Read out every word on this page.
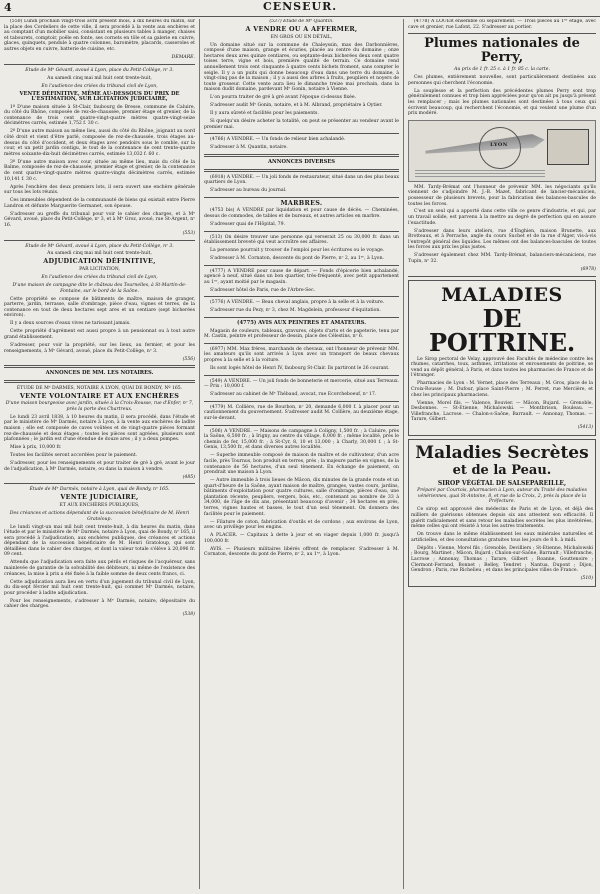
4	CENSEUR.

(550) Lundi prochain vingt-trois avril présent mois, à dix heures du matin, sur la place des Cordeliers de cette ville, il sera procédé à la vente aux enchères et au comptant d'un mobilier saisi, consistant en plusieurs tables à manger, chaises et tabourets, comptoir, poêle en fonte, ses cornets en tôle et sa galerie en cuivre, glaces, quinquets, pendule à quatre colonnes, baromètre, placards, casseroles et autres objets en cuivre, batterie de cuisine, etc.

DEMARE.

Etude de Mᵉ Gévard, avoué à Lyon, place du Petit-Collège, nᵒ 3.

Au samedi cinq mai mil huit cent trente-huit,

En l'audience des criées du tribunal civil de Lyon,

VENTE DÉFINITIVE, MÊME AU-DESSOUS DU PRIX DE L'ESTIMATION, SUR LICITATION JUDICIAIRE,

1º D'une maison située à St-Clair, faubourg de Bresse, commune de Caluire, du côté du Rhône, composée de rez-de-chaussée, premier étage et grenier, de la contenance de trois cent quatre-vingt-quatre mètres quatre-vingt-seize décimètres carrés, estimée 1,752 f. 30 c.

2º D'une autre maison au même lieu, aussi du côté du Rhône, joignant au nord côté droit et vient d'être parlé, composée de rez-de-chaussée, trois étages au-dessus du côté d'occident, et deux étages avec pendoirs sous le comble, sur la cour, et un petit jardin contigu, le tout de la contenance de cent trente-quatre mètres soixante-dix-huit décimètres carrés, estimée 13,032 f. 60 c.

3º D'une autre maison avec cour, située au même lieu, mais du côté de la Balme, composée de rez-de-chaussée, premier étage et grenier, de la contenance de cent quatre-vingt-quatre mètres quatre-vingts décimètres carrés, estimée 10,141 f. 30 c.

Après l'enchère des deux premiers lots, il sera ouvert une enchère générale sur tous les lots réunis.

Ces immeubles dépendent de la communauté de biens qui existait entre Pierre Landron et défunte Marguerite Germanet, son épouse.

S'adresser au greffe du tribunal pour voir le cahier des charges, et à Mᵉ Gévard, avoué, place du Petit-Collège, nᵒ 3, et à Mᵉ Groz, avoué, rue St-Argent, nᵒ 16.

(553)

Etude de Mᵉ Gévard, avoué à Lyon, place du Petit-Collège, nᵒ 3.

Au samedi cinq mai mil huit cent trente-huit,

ADJUDICATION DÉFINITIVE,

PAR LICITATION,

En l'audience des criées du tribunal civil de Lyon,

D'une maison de campagne dite le château des Tournelles, à St-Martin-de-Fontaine, sur le bord de la Saône.

Cette propriété se compose de bâtiments de maître, maison de granger, parterre, jardin, terrasse, salle d'ombrage, pièce d'eau, vignes et terres, de la contenance en tout de deux hectares sept ares et un centiare (sept bicherées environ).

Il y a deux sources d'eaux vives ne tarissant jamais.

Cette propriété d'agrément est aussi propre à un pensionnat ou à tout autre grand établissement.

S'adresser, pour voir la propriété, sur les lieux, au fermier, et pour les renseignements, à Mᵉ Gévard, avoué, place du Petit-Collège, nᵒ 3.

(556)

ANNONCES DE MM. LES NOTAIRES.

ÉTUDE DE Mᵉ DARMÉS, NOTAIRE À LYON, QUAI DE BONDY, Nº 165.

VENTE VOLONTAIRE ET AUX ENCHÈRES

D'une maison bourgeoise avec jardin, située à la Croix-Rousse, rue d'Enfer, nᵒ 7, près la porte des Chartreux.

Le lundi 23 avril 1838, à 10 heures du matin, il sera procédé, dans l'étude et par le ministère de Mᵉ Darmés, notaire à Lyon, à la vente aux enchères de ladite maison ; elle est composée de caves voûtées et de vingt-quatre pièces formant rez-de-chaussée et deux étages ; toutes les pièces sont agréées, plusieurs sont plafonnées ; le jardin est d'une étendue de douze ares ; il y a deux pompes.

Mise à prix, 10,000 fr.

Toutes les facilités seront accordées pour le paiement.

S'adresser, pour les renseignements et pour traiter de gré à gré, avant le jour de l'adjudication, à Mᵉ Darmés, notaire, ou dans la maison à vendre.

(485)

Étude de Mᵉ Darmés, notaire à Lyon, quai de Bondy, nᵒ 165.

VENTE JUDICIAIRE,

ET AUX ENCHÈRES PUBLIQUES,

Des créances et actions dépendant de la succession bénéficiaire de M. Henri Gratoloup.

Le lundi vingt-un mai mil huit cent trente-huit, à dix heures du matin, dans l'étude et par le ministère de Mᵉ Darmés, notaire à Lyon, quai de Bondy, nᵒ 165, il sera procédé à l'adjudication, aux enchères publiques, des créances et actions dépendant de la succession bénéficiaire de M. Henri Gratoloup, qui sont détaillées dans le cahier des charges, et dont la valeur totale s'élève à 20,096 fr. 09 cent.

Attendu que l'adjudication sera faite aux périls et risques de l'acquéreur, sans mainlevée de garantie de la solvabilité des débiteurs, ni même de l'existence des créances, la mise à prix a été fixée à la faible somme de deux cents francs, ci.

Cette adjudication aura lieu en vertu d'un jugement du tribunal civil de Lyon, du dix-sept février mil huit cent trente-huit, qui commet Mᵉ Darmés, notaire, pour procéder à ladite adjudication.

Pour les renseignements, s'adresser à Mᵉ Darmés, notaire, dépositaire du cahier des charges.

(538)

(537) Etude de Mᵉ Quantin.

A VENDRE OU A AFFERMER,

EN GROS OU EN DÉTAIL,

Un domaine situé sur la commune de Chaleyssin, mas des Darbonnières, composé d'une maison, grange et écuries, placée au centre du domaine ; onze hectares deux ares quinze centiares, ou septante-deux bicherées deux cent quatre toises terre, vigne et bois, première qualité de terrain. Ce domaine rend annuellement trois cent cinquante à quatre cents bichets froment, sans compter le seigle. Il y a un puits qui donne beaucoup d'eau dans une terre du domaine, à vingt-cinq pas de la maison ; il y a aussi des arbres à fruits, peupliers et noyers de toute grosseur. Cette vente aura lieu le dimanche treize mai prochain, dans la maison dudit domaine, pardevant Mᵉ Gonin, notaire à Vienne.

L'on pourra traiter de gré à gré avant l'époque ci-dessus fixée.

S'adresser audit Mᵉ Gonin, notaire, et à M. Albrand, propriétaire à Oytier.

Il y aura sûreté et facilités pour les paiements.

Si quelqu'un désire acheter la totalité, on peut se présenter au vendeur avant le premier mai.

(4766) A VENDRE. — Un fonds de relieur bien achalandé.

S'adresser à M. Quantin, notaire.

ANNONCES DIVERSES

(6918) A VENDRE. — Un joli fonds de restaurateur, situé dans un des plus beaux quartiers de Lyon.

S'adresser au bureau du journal.

MARBRES.

(4753 bis) A VENDRE par liquidation et pour cause de décès. — Cheminées, dessus de commodes, de tables et de bureaux, et autres articles en marbre.

S'adresser quai de l'Hôpital, 79.

(513) On désire trouver une personne qui verserait 25 ou 30,000 fr. dans un établissement breveté qui veut accroître ses affaires.

La personne pourrait y trouver de l'emploi pour les écritures ou le voyage.

S'adresser à M. Cornaton, descente du pont de Pierre, nᵒ 2, au 1ᵉʳ, à Lyon.

(4777) A VENDRE pour cause de départ. — Fonds d'épicerie bien achalandé, agencé à neuf, situé dans un bon quartier, très-fréquenté, avec petit appartement au 1ᵉʳ, ayant moitié par le magasin.

S'adresser hôtel de Paris, rue de l'Arbre-Sec.

(5776) A VENDRE. — Beau cheval anglais, propre à la selle et à la voiture.

S'adresser rue du Pezy, nᵒ 3, chez M. Magdelein, professeur d'équitation.

(4775) AVIS AUX PEINTRES ET AMATEURS.

Magasin de couleurs, tableaux, gravures, objets d'arts et de papeterie, tenu par M. Castin, peintre et professeur de dessin, place des Célestins, nᵒ 6.

(6977) MM. Max frères, marchands de chevaux, ont l'honneur de prévenir MM. les amateurs qu'ils sont arrivés à Lyon avec un transport de beaux chevaux propres à la selle et à la voiture.

Ils sont logés hôtel de Henri IV, faubourg St-Clair. Ils partiront le 26 courant.

(549) A VENDRE. — Un joli fonds de bonneterie et mercerie, situé aux Terreaux. — Prix : 10,000 f.

S'adresser au cabinet de Mᵉ Thébaud, avocat, rue Ecorcheboeuf, nᵒ 17.

(4779) M. Collière, rue de Bourbon, nᵒ 20, demande 6,000 f. à placer pour un cautionnement du gouvernement. S'adresser audit M. Collière, au deuxième étage, sur-le-devant.

(506) A VENDRE. — Maisons de campagne à Coligny, 1,500 fr. ; à Caluire, près la Saône, 6,500 fr. ; à Irigny, au centre du village, 6,000 fr. ; même localité, près le chemin de fer, 15,000 fr. ; à St-Cyr, 8, 10 et 13,000 ; à Charly, 30,000 f. ; à St-Genis, 13,500 fr., et dans diverses autres localités.

— Superbe immeuble composé de maison de maître et de cultivateur, d'un acre facile, près Tournus, bon produit en terres, prés ; la majeure partie en vignes, de la contenance de 56 hectares, d'un seul tènement. En échange de paiement, on prendrait une maison à Lyon.

— Autre immeuble à trois lieues de Mâcon, dix minutes de la grande route et un quart-d'heure de la Saône, ayant maison de maître, granges, vastes cours, jardins, bâtiments d'exploitation pour quatre cultures, salle d'ombrage, pièces d'eau, une plantation récente, peupliers, vergers, bois, etc., contenant au nombre de 33 à 34,000, de l'âge de dix ans, présentant beaucoup d'avenir ; 34 hectares en prés, terres, vignes hautes et basses, le tout d'un seul tènement. On donnera des facilités pour le paiement.

— Filature de coton, fabrication d'outils et de cordons ; aux environs de Lyon, avec un privilège pour les engins.

A PLACER. — Capitaux à dette à jour et en viager depuis 1,000 fr. jusqu'à 100,000 fr.

AVIS. — Plusieurs militaires libérés offrent de remplacer. S'adresser à M. Cornaton, descente du pont de Pierre, nᵒ 2, au 1ᵉʳ, à Lyon.

(4778) A LOUER ensemble ou séparément. — Trois pièces au 1ᵉʳ étage, avec cave et grenier, rue Lafont, 22. S'adresser au portier.

Plumes nationales de Perry,

Au prix de 1 fr. 25 c. à 1 fr. 85 c. la carte.

Ces plumes, entièrement nouvelles, sont particulièrement destinées aux personnes qui cherchent l'économie.

La souplesse et la perfection des précédentes plumes Perry sont trop généralement connues et trop bien appréciées pour qu'on ait pu jusqu'à présent les remplacer ; mais les plumes nationales sont destinées à tous ceux qui écrivent beaucoup, qui recherchent l'économie, et qui veulent une plume d'un prix modéré.

LYON

MM. Tardy-Brémat ont l'honneur de prévenir MM. les négociants qu'ils viennent de s'adjoindre M. J.-B. Mazet, fabricant de lancier-mécanicien, possesseur de plusieurs brevets, pour la fabrication des balances-bascules de toutes les forces.

C'est un seul qui a apporté dans cette ville ce genre d'industrie, et qui, par un travail solide, est parvenu à la mettre au degré de perfection qui en assure l'exactitude.

S'adresser dans leurs ateliers, rue d'Enghien, maison Brunette, aux Brotteaux, et à Perrache, angle du cours Suchet et de la rue d'Alger, vis-à-vis l'entrepôt général des liquides. Les mêmes ont des balances-bascules de toutes les forces aux prix les plus justes.

S'adresser également chez MM. Tardy-Brémat, balanciers-mécaniciens, rue Tupin, nᵒ 32.

(6978)

MALADIES
DE POITRINE.

Le Sirop pectoral de Velay, approuvé des Facultés de médecine contre les rhumes, catarrhes, toux, asthmes, irritations et enrouements de poitrine, se vend au dépôt général, à Paris, et dans toutes les pharmacies de France et de l'étranger.

Pharmacies de Lyon : M. Vernet, place des Terreaux ; M. Gros, place de la Croix-Rousse ; M. Dufour, place Saint-Pierre ; M. Perret, rue Mercière, et chez les principaux pharmaciens.

Vienne, Morel fils. — Valence, Bouvier. — Mâcon, Bujard. — Grenoble, Desbonnes. — St-Etienne, Michalowski. — Montbrison, Bouleau. — Villefranche, Lacrose. — Chalon-s-Saône, Barrault. — Annonay, Thomas. — Tarare, Gilbert.

(5413)

Maladies Secrètes
et de la Peau.
SIROP VÉGÉTAL DE SALSEPAREILLE,

Préparé par Courtois, pharmacien à Lyon, auteur du Traité des maladies vénériennes, quai St-Antoine, 8, et rue de la Croix, 2, près la place de la Préfecture.

Ce sirop est approuvé des médecins de Paris et de Lyon, et déjà des milliers de guérisons obtenues depuis six ans attestent son efficacité. Il guérit radicalement et sans retour les maladies secrètes les plus invétérées, même celles qui ont résisté à tous les autres traitements.

On trouve dans le même établissement les eaux minérales naturelles et artificielles, et des consultations gratuites tous les jours de 8 h. à midi.

Dépôts : Vienne, Morel fils ; Grenoble, Devilliers ; St-Etienne, Michalowski ; Bourg, Martinet ; Mâcon, Bujard ; Chalon-sur-Saône, Barrault ; Villefranche, Lacrose ; Annonay, Thomas ; Tarare, Gilbert ; Roanne, Gouttenoire ; Clermont-Ferrand, Bonnet ; Belley, Tendret ; Nantua, Dupont ; Dijon, Gendron ; Paris, rue Richelieu ; et dans les principales villes de France.

(510)
